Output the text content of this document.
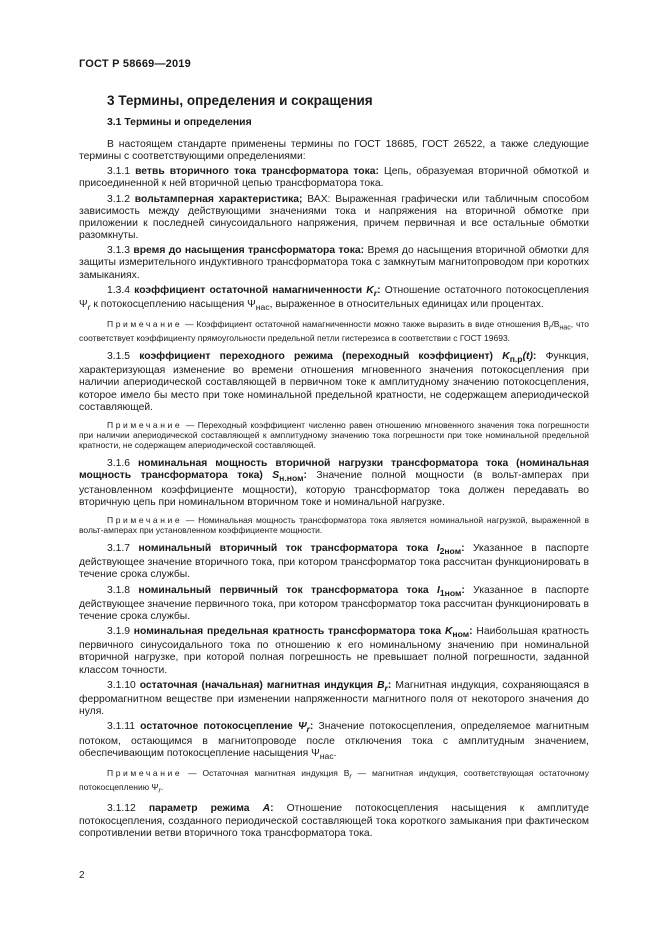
ГОСТ Р 58669—2019
3 Термины, определения и сокращения
3.1 Термины и определения

В настоящем стандарте применены термины по ГОСТ 18685, ГОСТ 26522, а также следующие термины с соответствующими определениями:

3.1.1 ветвь вторичного тока трансформатора тока: Цепь, образуемая вторичной обмоткой и присоединенной к ней вторичной цепью трансформатора тока.

3.1.2 вольтамперная характеристика; ВАХ: Выраженная графически или табличным способом зависимость между действующими значениями тока и напряжения на вторичной обмотке при приложении к последней синусоидального напряжения, причем первичная и все остальные обмотки разомкнуты.

3.1.3 время до насыщения трансформатора тока: Время до насыщения вторичной обмотки для защиты измерительного индуктивного трансформатора тока с замкнутым магнитопроводом при коротких замыканиях.

1.3.4 коэффициент остаточной намагниченности $K_r$: Отношение остаточного потокосцепления $\Psi_r$ к потокосцеплению насыщения $\Psi_{нас}$, выраженное в относительных единицах или процентах.

Примечание — Коэффициент остаточной намагниченности можно также выразить в виде отношения $B_r/B_{нас}$, что соответствует коэффициенту прямоугольности предельной петли гистерезиса в соответствии с ГОСТ 19693.

3.1.5 коэффициент переходного режима (переходный коэффициент) $K_{п.р}(t)$: Функция, характеризующая изменение во времени отношения мгновенного значения потокосцепления при наличии апериодической составляющей в первичном токе к амплитудному значению потокосцепления, которое имело бы место при токе номинальной предельной кратности, не содержащем апериодической составляющей.

Примечание — Переходный коэффициент численно равен отношению мгновенного значения тока погрешности при наличии апериодической составляющей к амплитудному значению тока погрешности при токе номинальной предельной кратности, не содержащем апериодической составляющей.

3.1.6 номинальная мощность вторичной нагрузки трансформатора тока (номинальная мощность трансформатора тока) $S_{н.ном}$: Значение полной мощности (в вольт-амперах при установленном коэффициенте мощности), которую трансформатор тока должен передавать во вторичную цепь при номинальном вторичном токе и номинальной нагрузке.

Примечание — Номинальная мощность трансформатора тока является номинальной нагрузкой, выраженной в вольт-амперах при установленном коэффициенте мощности.

3.1.7 номинальный вторичный ток трансформатора тока $I_{2ном}$: Указанное в паспорте действующее значение вторичного тока, при котором трансформатор тока рассчитан функционировать в течение срока службы.

3.1.8 номинальный первичный ток трансформатора тока $I_{1ном}$: Указанное в паспорте действующее значение первичного тока, при котором трансформатор тока рассчитан функционировать в течение срока службы.

3.1.9 номинальная предельная кратность трансформатора тока $K_{ном}$: Наибольшая кратность первичного синусоидального тока по отношению к его номинальному значению при номинальной вторичной нагрузке, при которой полная погрешность не превышает полной погрешности, заданной классом точности.

3.1.10 остаточная (начальная) магнитная индукция $B_r$: Магнитная индукция, сохраняющаяся в ферромагнитном веществе при изменении напряженности магнитного поля от некоторого значения до нуля.

3.1.11 остаточное потокосцепление $\Psi_r$: Значение потокосцепления, определяемое магнитным потоком, остающимся в магнитопроводе после отключения тока с амплитудным значением, обеспечивающим потокосцепление насыщения $\Psi_{нас}$.

Примечание — Остаточная магнитная индукция $B_r$ — магнитная индукция, соответствующая остаточному потокосцеплению $\Psi_r$.

3.1.12 параметр режима A: Отношение потокосцепления насыщения к амплитуде потокосцепления, созданного периодической составляющей тока короткого замыкания при фактическом сопротивлении ветви вторичного тока трансформатора тока.

2
